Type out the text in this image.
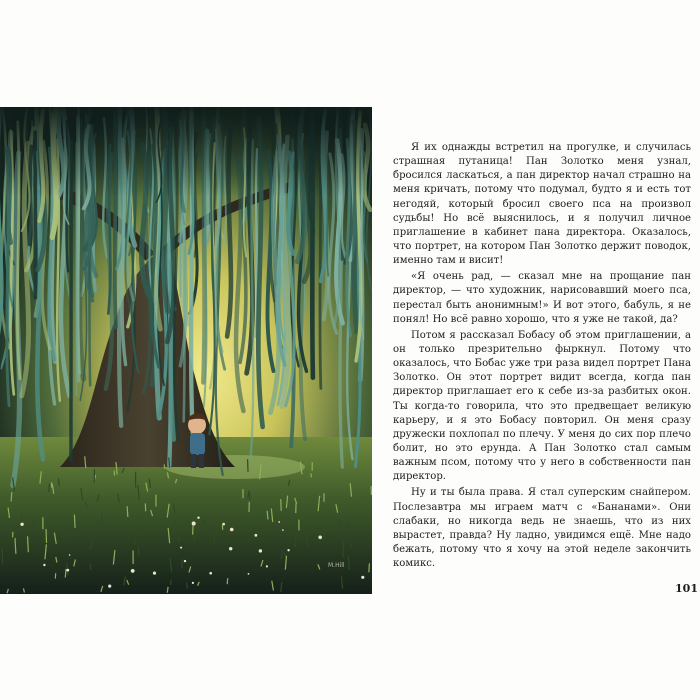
M.Hill

Я их однажды встретил на прогулке, и случилась страшная путаница! Пан Золотко меня узнал, бросился ласкаться, а пан директор начал страшно на меня кричать, потому что подумал, будто я и есть тот негодяй, который бросил своего пса на произвол судьбы! Но всё выяснилось, и я получил личное приглашение в кабинет пана директора. Оказалось, что портрет, на котором Пан Золотко держит поводок, именно там и висит!

«Я очень рад, — сказал мне на прощание пан директор, — что художник, нарисовавший моего пса, перестал быть анонимным!» И вот этого, бабуль, я не понял! Но всё равно хорошо, что я уже не такой, да?

Потом я рассказал Бобасу об этом приглашении, а он только презрительно фыркнул. Потому что оказалось, что Бобас уже три раза видел портрет Пана Золотко. Он этот портрет видит всегда, когда пан директор приглашает его к себе из-за разбитых окон. Ты когда-то говорила, что это предвещает великую карьеру, и я это Бобасу повторил. Он меня сразу дружески похлопал по плечу. У меня до сих пор плечо болит, но это ерунда. А Пан Золотко стал самым важным псом, потому что у него в собственности пан директор.

Ну и ты была права. Я стал суперским снайпером. Послезавтра мы играем матч с «Бананами». Они слабаки, но никогда ведь не знаешь, что из них вырастет, правда? Ну ладно, увидимся ещё. Мне надо бежать, потому что я хочу на этой неделе закончить комикс.

101
